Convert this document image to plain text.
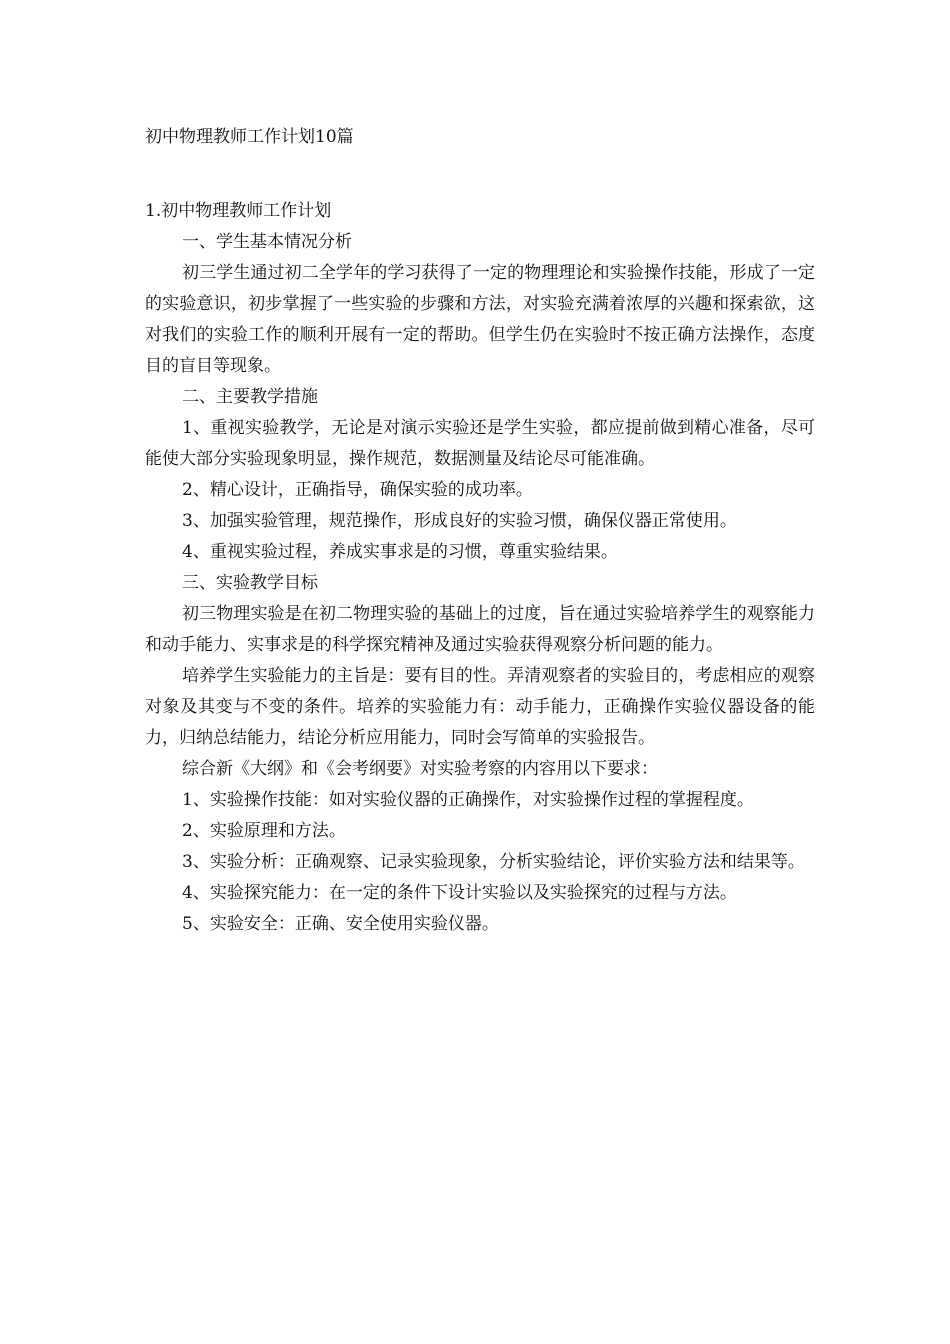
初中物理教师工作计划10篇
1.初中物理教师工作计划

一、学生基本情况分析

初三学生通过初二全学年的学习获得了一定的物理理论和实验操作技能，形成了一定的实验意识，初步掌握了一些实验的步骤和方法，对实验充满着浓厚的兴趣和探索欲，这对我们的实验工作的顺利开展有一定的帮助。但学生仍在实验时不按正确方法操作，态度目的盲目等现象。

二、主要教学措施

1、重视实验教学，无论是对演示实验还是学生实验，都应提前做到精心准备，尽可能使大部分实验现象明显，操作规范，数据测量及结论尽可能准确。

2、精心设计，正确指导，确保实验的成功率。

3、加强实验管理，规范操作，形成良好的实验习惯，确保仪器正常使用。

4、重视实验过程，养成实事求是的习惯，尊重实验结果。

三、实验教学目标

初三物理实验是在初二物理实验的基础上的过度，旨在通过实验培养学生的观察能力和动手能力、实事求是的科学探究精神及通过实验获得观察分析问题的能力。

培养学生实验能力的主旨是：要有目的性。弄清观察者的实验目的，考虑相应的观察对象及其变与不变的条件。培养的实验能力有：动手能力，正确操作实验仪器设备的能力，归纳总结能力，结论分析应用能力，同时会写简单的实验报告。

综合新《大纲》和《会考纲要》对实验考察的内容用以下要求：

1、实验操作技能：如对实验仪器的正确操作，对实验操作过程的掌握程度。

2、实验原理和方法。

3、实验分析：正确观察、记录实验现象，分析实验结论，评价实验方法和结果等。

4、实验探究能力：在一定的条件下设计实验以及实验探究的过程与方法。

5、实验安全：正确、安全使用实验仪器。
